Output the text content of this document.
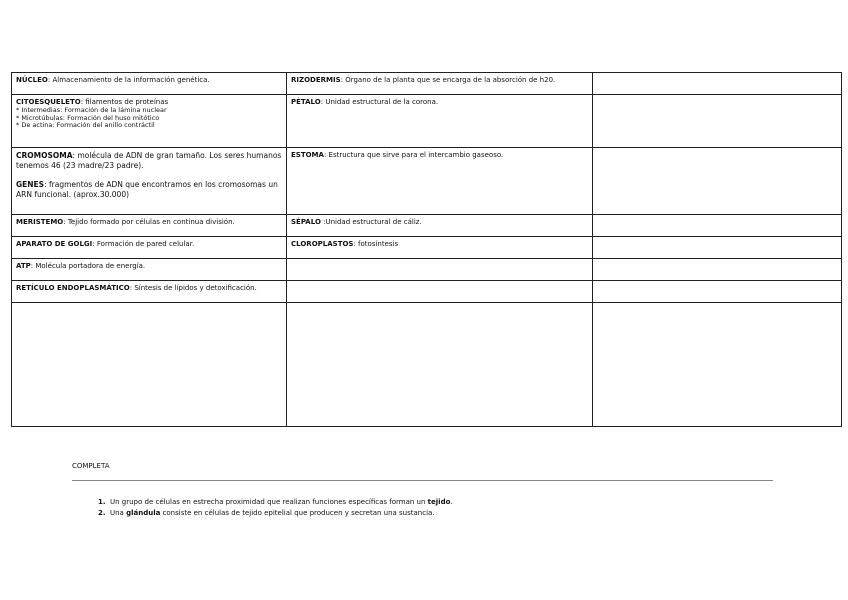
NÚCLEO: Almacenamiento de la información genética.	RIZODERMIS: Órgano de la planta que se encarga de la absorción de h20.	
CITOESQUELETO: filamentos de proteínas
* Intermedias: Formación de la lámina nuclear
* Microtúbulas: Formación del huso mitótico
* De actina: Formación del anillo contráctil	PÉTALO: Unidad estructural de la corona.	
CROMOSOMA: molécula de ADN de gran tamaño. Los seres humanos tenemos 46 (23 madre/23 padre).
GENES: fragmentos de ADN que encontramos en los cromosomas un ARN funcional. (aprox.30.000)	ESTOMA: Estructura que sirve para el intercambio gaseoso.	
MERISTEMO: Tejido formado por células en continua división.	SÉPALO :Unidad estructural de cáliz.	
APARATO DE GOLGI: Formación de pared celular.	CLOROPLASTOS: fotosíntesis	
ATP: Molécula portadora de energía.		
RETÍCULO ENDOPLASMÁTICO: Síntesis de lípidos y detoxificación.		

COMPLETA
1. Un grupo de células en estrecha proximidad que realizan funciones específicas forman un tejido.
2. Una glándula consiste en células de tejido epitelial que producen y secretan una sustancia.
